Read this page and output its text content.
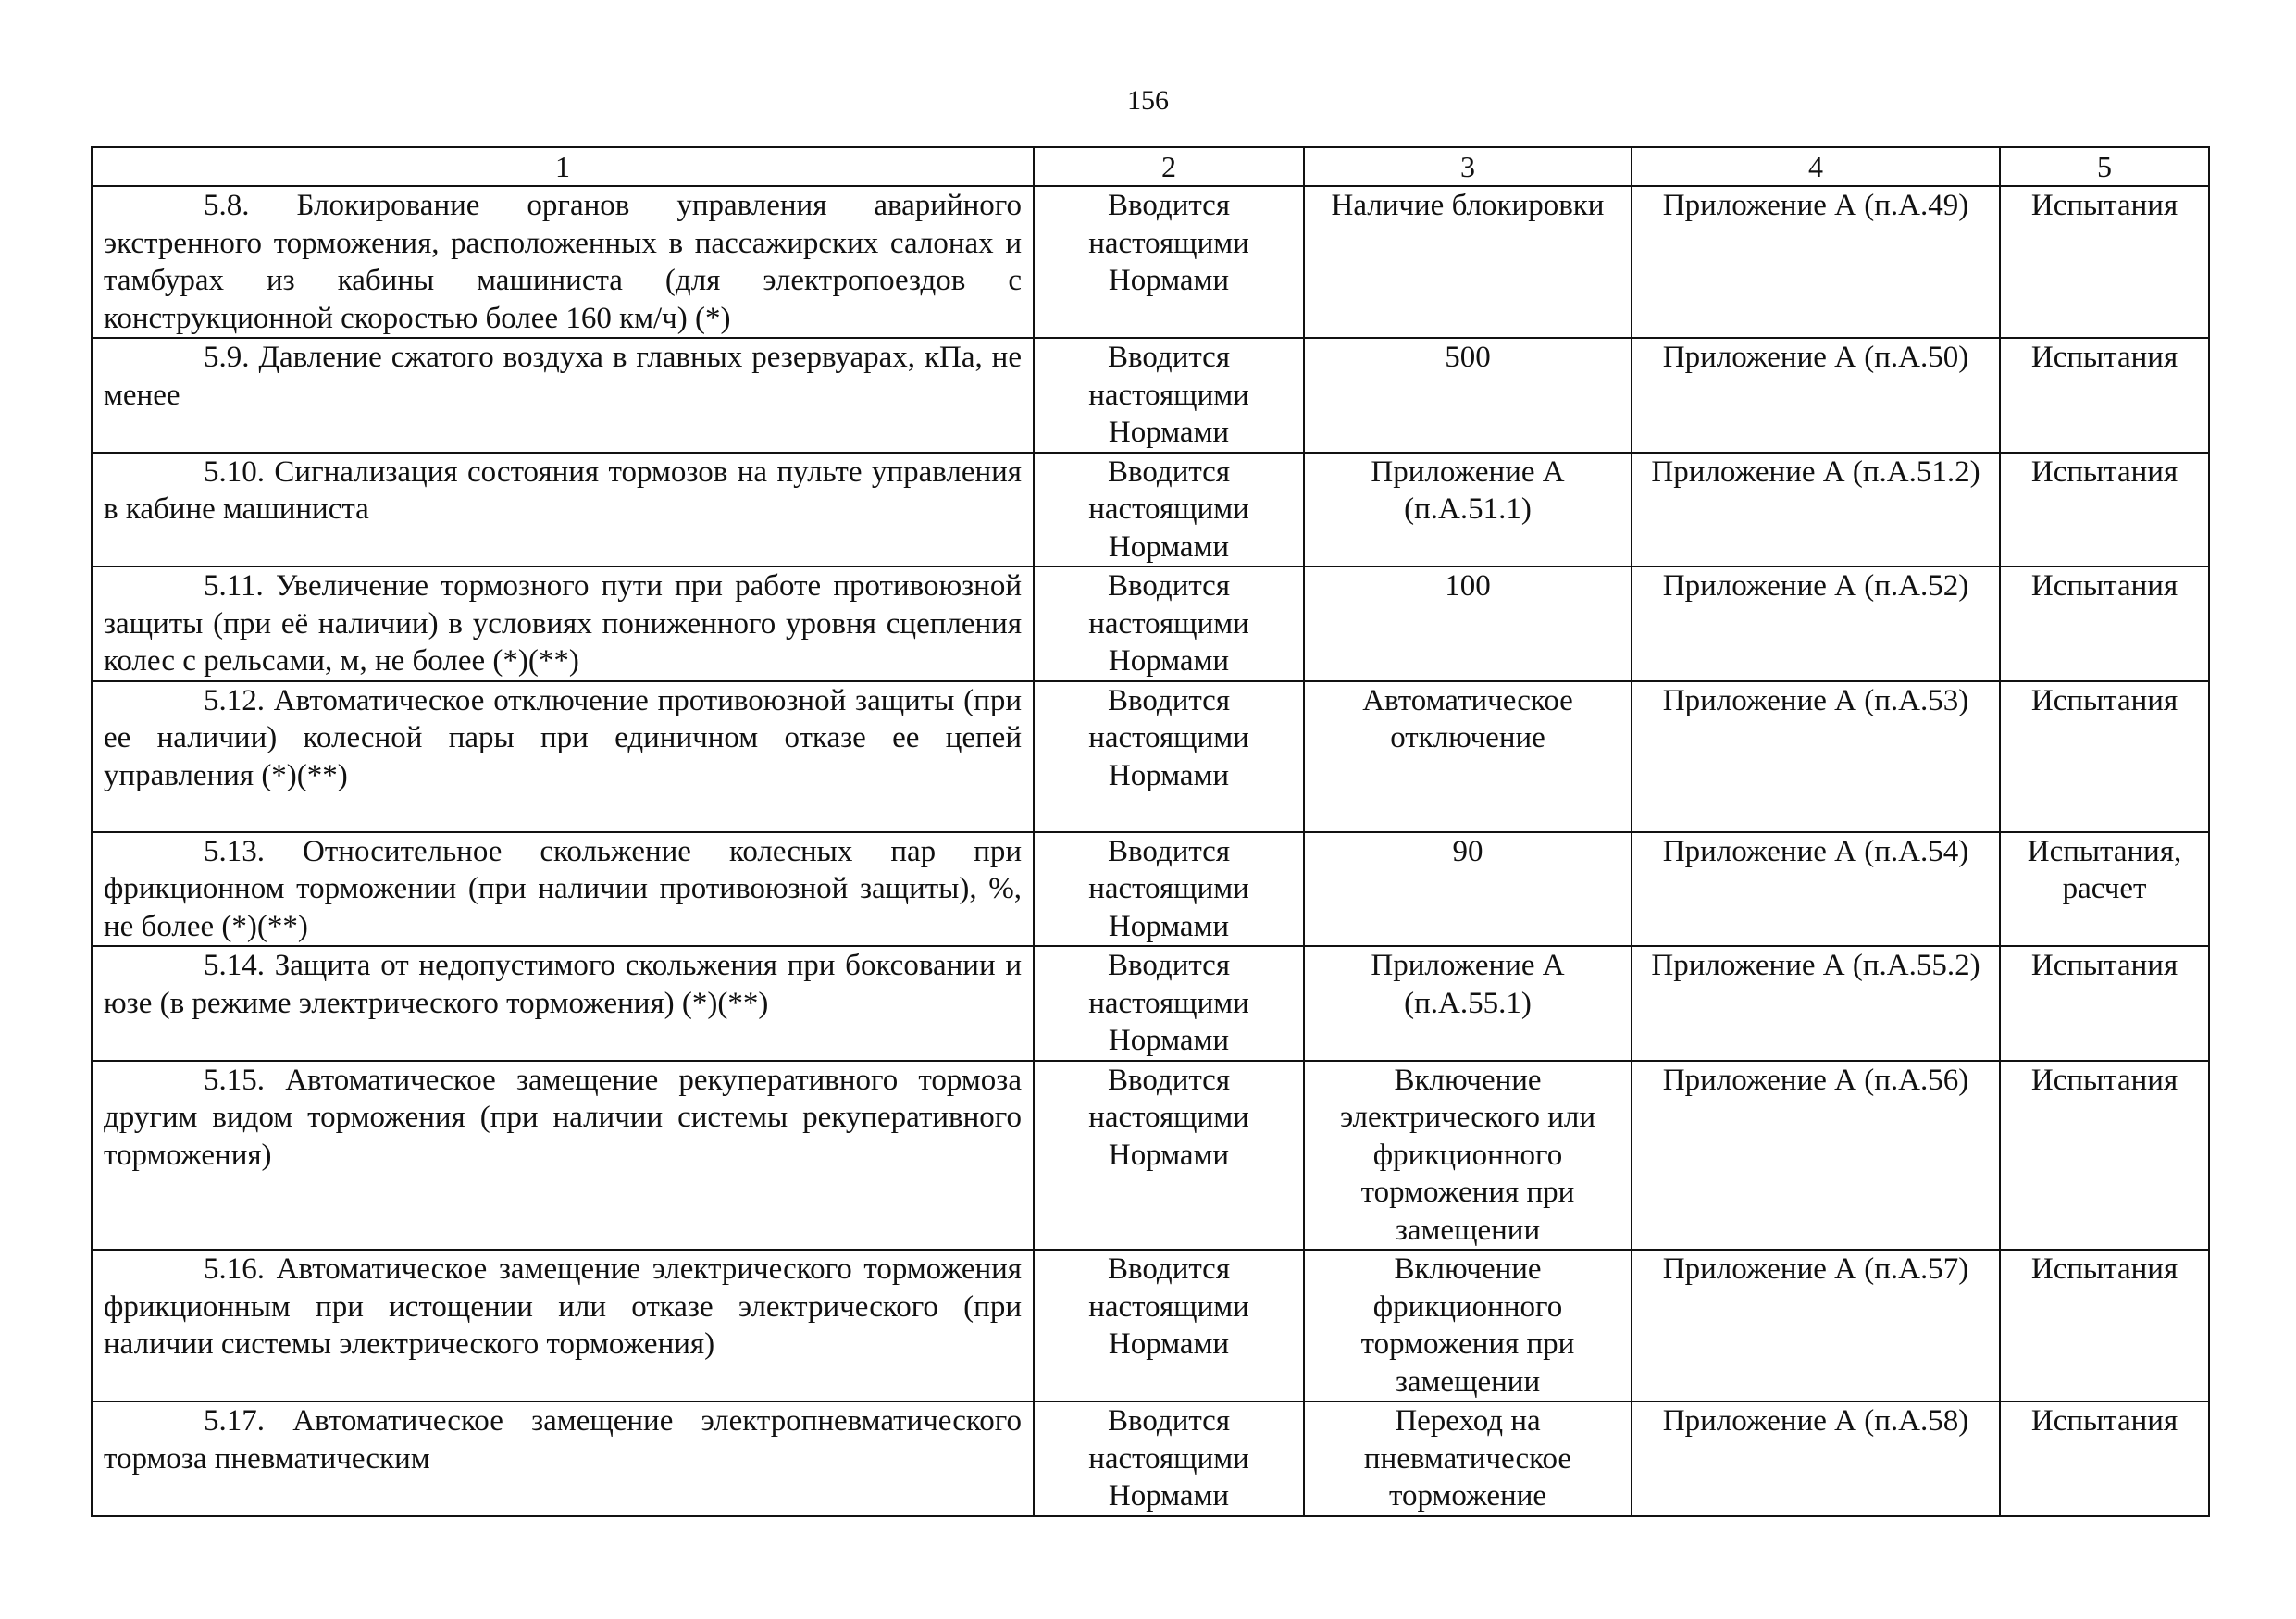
156
1	2	3	4	5
5.8. Блокирование органов управления аварийного экстренного торможения, расположенных в пассажирских салонах и тамбурах из кабины машиниста (для электропоездов с конструкционной скоростью более 160 км/ч) (*)	Вводится настоящими Нормами	Наличие блокировки	Приложение А (п.А.49)	Испытания
5.9. Давление сжатого воздуха в главных резервуарах, кПа, не менее	Вводится настоящими Нормами	500	Приложение А (п.А.50)	Испытания
5.10. Сигнализация состояния тормозов на пульте управления в кабине машиниста	Вводится настоящими Нормами	Приложение А (п.А.51.1)	Приложение А (п.А.51.2)	Испытания
5.11. Увеличение тормозного пути при работе противоюзной защиты (при её наличии) в условиях пониженного уровня сцепления колес с рельсами, м, не более (*)(**)	Вводится настоящими Нормами	100	Приложение А (п.А.52)	Испытания
5.12. Автоматическое отключение противоюзной защиты (при ее наличии) колесной пары при единичном отказе ее цепей управления (*)(**)	Вводится настоящими Нормами	Автоматическое отключение	Приложение А (п.А.53)	Испытания
5.13. Относительное скольжение колесных пар при фрикционном торможении (при наличии противоюзной защиты), %, не более (*)(**)	Вводится настоящими Нормами	90	Приложение А (п.А.54)	Испытания, расчет
5.14. Защита от недопустимого скольжения при боксовании и юзе (в режиме электрического торможения) (*)(**)	Вводится настоящими Нормами	Приложение А (п.А.55.1)	Приложение А (п.А.55.2)	Испытания
5.15. Автоматическое замещение рекуперативного тормоза другим видом торможения (при наличии системы рекуперативного торможения)	Вводится настоящими Нормами	Включение электрического или фрикционного торможения при замещении	Приложение А (п.А.56)	Испытания
5.16. Автоматическое замещение электрического торможения фрикционным при истощении или отказе электрического (при наличии системы электрического торможения)	Вводится настоящими Нормами	Включение фрикционного торможения при замещении	Приложение А (п.А.57)	Испытания
5.17. Автоматическое замещение электропневматического тормоза пневматическим	Вводится настоящими Нормами	Переход на пневматическое торможение	Приложение А (п.А.58)	Испытания
